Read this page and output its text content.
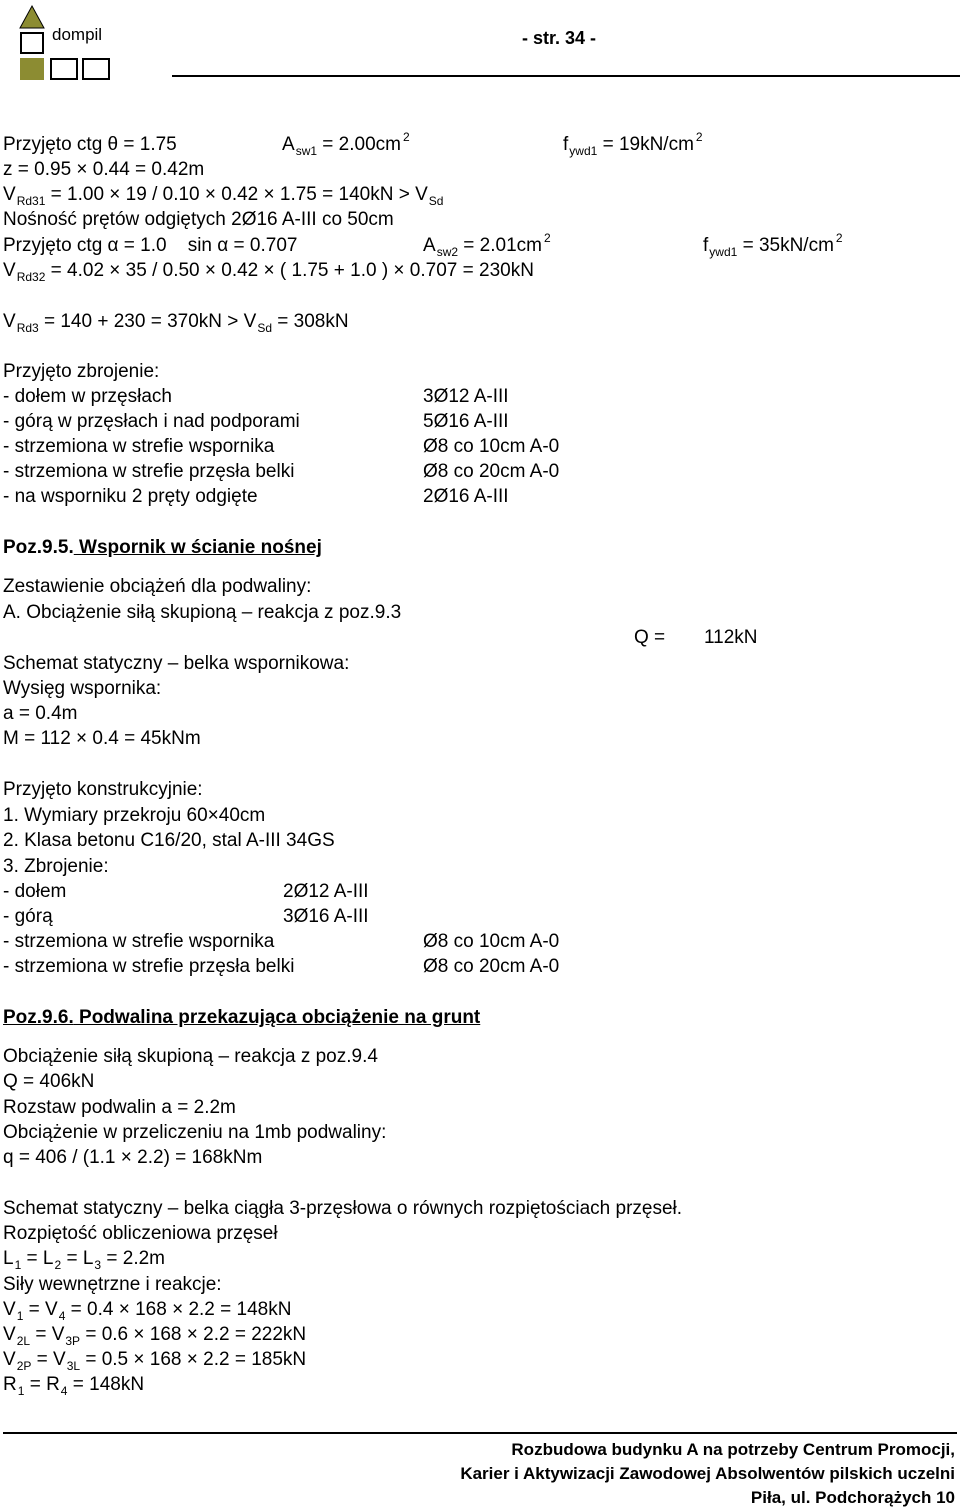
dompil	- str. 34 -
Przyjęto ctg θ = 1.75	$A_{sw1} = 2.00cm$ $^2$	$f_{ywd1} = 19kN/cm$ $^2$
z = 0.95 × 0.44 = 0.42m
$V_{Rd31} = 1.00 \times 19 / 0.10 \times 0.42 \times 1.75 = 140kN > V_{Sd}$
Nośność prętów odgiętych 2Ø16 A-III co 50cm
Przyjęto ctg α = 1.0    sin α = 0.707	$A_{sw2} = 2.01cm$ $^2$	$f_{ywd1} = 35kN/cm$ $^2$
$V_{Rd32} = 4.02 \times 35 / 0.50 \times 0.42$ × ( 1.75 + 1.0 ) × 0.707 = 230kN
$V_{Rd3} = 140 + 230 = 370kN > V_{Sd} = 308kN$
Przyjęto zbrojenie:
- dołem w przęsłach	3Ø12 A-III
- górą w przęsłach i nad podporami	5Ø16 A-III
- strzemiona w strefie wspornika	Ø8 co 10cm A-0
- strzemiona w strefie przęsła belki	Ø8 co 20cm A-0
- na wsporniku 2 pręty odgięte	2Ø16 A-III
Poz.9.5. Wspornik w ścianie nośnej
Zestawienie obciążeń dla podwaliny:
A. Obciążenie siłą skupioną – reakcja z poz.9.3
Q = 112kN
Schemat statyczny – belka wspornikowa:
Wysięg wspornika:
a = 0.4m
M = 112 × 0.4 = 45kNm
Przyjęto konstrukcyjnie:
1. Wymiary przekroju 60×40cm
2. Klasa betonu C16/20, stal A-III 34GS
3. Zbrojenie:
- dołem	2Ø12 A-III
- górą	3Ø16 A-III
- strzemiona w strefie wspornika	Ø8 co 10cm A-0
- strzemiona w strefie przęsła belki	Ø8 co 20cm A-0
Poz.9.6. Podwalina przekazująca obciążenie na grunt
Obciążenie siłą skupioną – reakcja z poz.9.4
Q = 406kN
Rozstaw podwalin a = 2.2m
Obciążenie w przeliczeniu na 1mb podwaliny:
q = 406 / (1.1 × 2.2) = 168kNm
Schemat statyczny – belka ciągła 3-przęsłowa o równych rozpiętościach przęseł.
Rozpiętość obliczeniowa przęseł
$L_1 = L_2 = L_3 = 2.2m$
Siły wewnętrzne i reakcje:
$V_1 = V_4 = 0.4 \times 168 \times 2.2 = 148kN$
$V_{2L} = V_{3P} = 0.6 \times 168 \times 2.2 = 222kN$
$V_{2P} = V_{3L} = 0.5 \times 168 \times 2.2 = 185kN$
$R_1 = R_4 = 148kN$
Rozbudowa budynku A na potrzeby Centrum Promocji,
Karier i Aktywizacji Zawodowej Absolwentów pilskich uczelni
Piła, ul. Podchorążych 10
